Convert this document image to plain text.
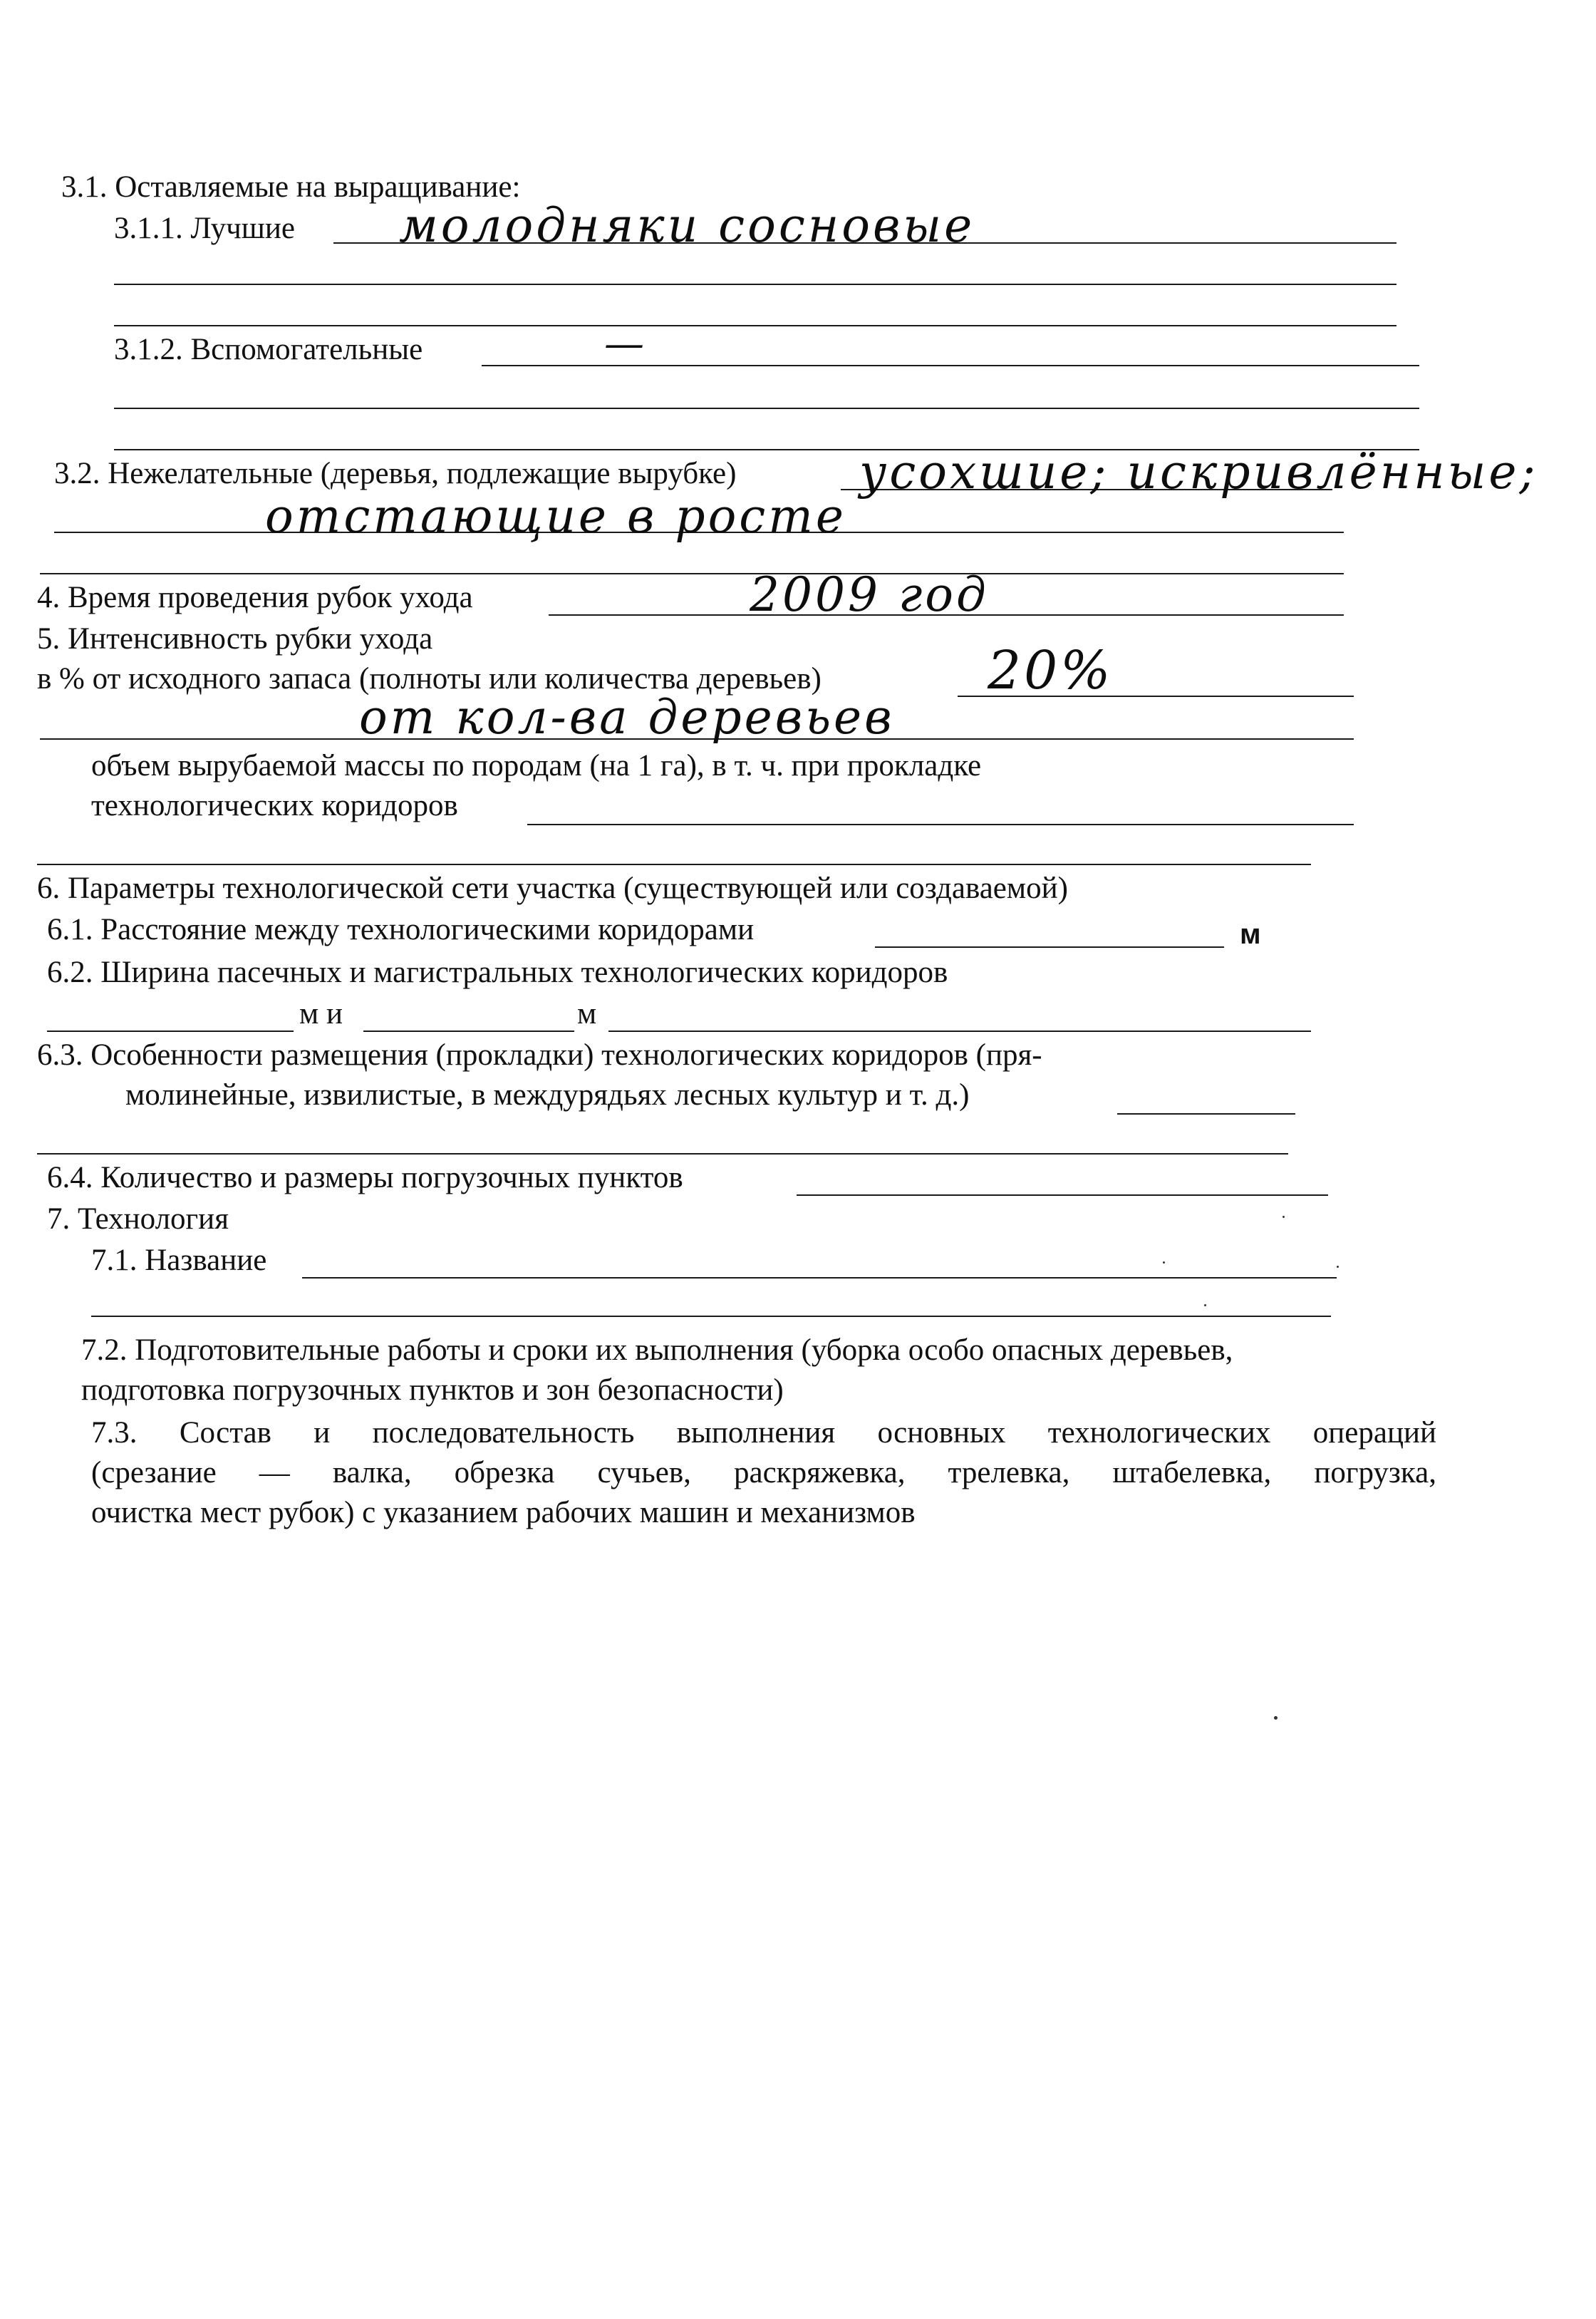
3.1. Оставляемые на выращивание:
3.1.1. Лучшие молодняки сосновые
3.1.2. Вспомогательные	—
3.2. Нежелательные (деревья, подлежащие вырубке)	усохшие; искривлённые;
отстающие в росте
4. Время проведения рубок ухода	2009 год
5. Интенсивность рубки ухода
в % от исходного запаса (полноты или количества деревьев)	20%
от кол-ва деревьев
объем вырубаемой массы по породам (на 1 га), в т. ч. при прокладке
технологических коридоров
6. Параметры технологической сети участка (существующей или создаваемой)
6.1. Расстояние между технологическими коридорами	м
6.2. Ширина пасечных и магистральных технологических коридоров
м и	м
6.3. Особенности размещения (прокладки) технологических коридоров (пря-
молинейные, извилистые, в междурядьях лесных культур и т. д.)
6.4. Количество и размеры погрузочных пунктов
7. Технология
7.1. Название
7.2. Подготовительные работы и сроки их выполнения (уборка особо опасных деревьев,
подготовка погрузочных пунктов и зон безопасности)
7.3. Состав и последовательность выполнения основных технологических операций
(срезание — валка, обрезка сучьев, раскряжевка, трелевка, штабелевка, погрузка,
очистка мест рубок) с указанием рабочих машин и механизмов
